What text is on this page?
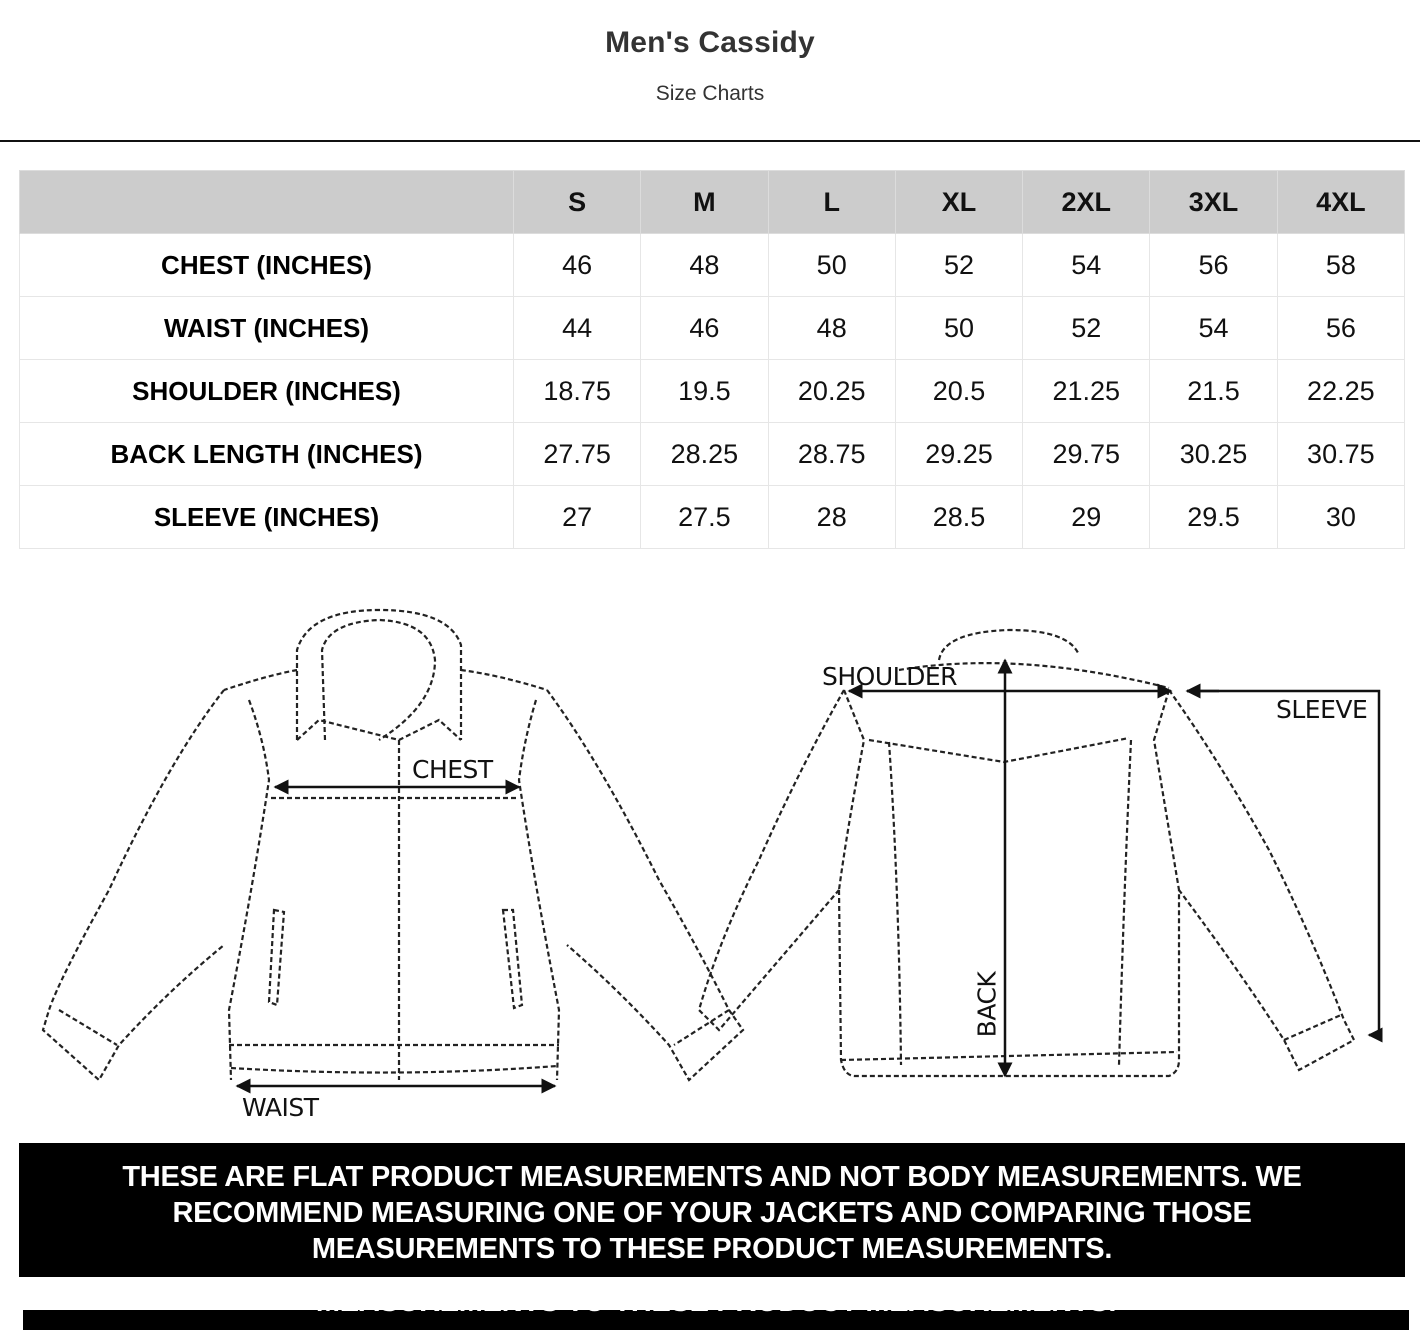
Men's Cassidy
Size Charts
	S	M	L	XL	2XL	3XL	4XL
CHEST (INCHES)	46	48	50	52	54	56	58
WAIST (INCHES)	44	46	48	50	52	54	56
SHOULDER (INCHES)	18.75	19.5	20.25	20.5	21.25	21.5	22.25
BACK LENGTH (INCHES)	27.75	28.25	28.75	29.25	29.75	30.25	30.75
SLEEVE (INCHES)	27	27.5	28	28.5	29	29.5	30
CHEST
WAIST
SHOULDER
SLEEVE
BACK

THESE ARE FLAT PRODUCT MEASUREMENTS AND NOT BODY MEASUREMENTS. WE

RECOMMEND MEASURING ONE OF YOUR JACKETS AND COMPARING THOSE

MEASUREMENTS TO THESE PRODUCT MEASUREMENTS.

MEASUREMENTS TO THESE PRODUCT MEASUREMENTS.
